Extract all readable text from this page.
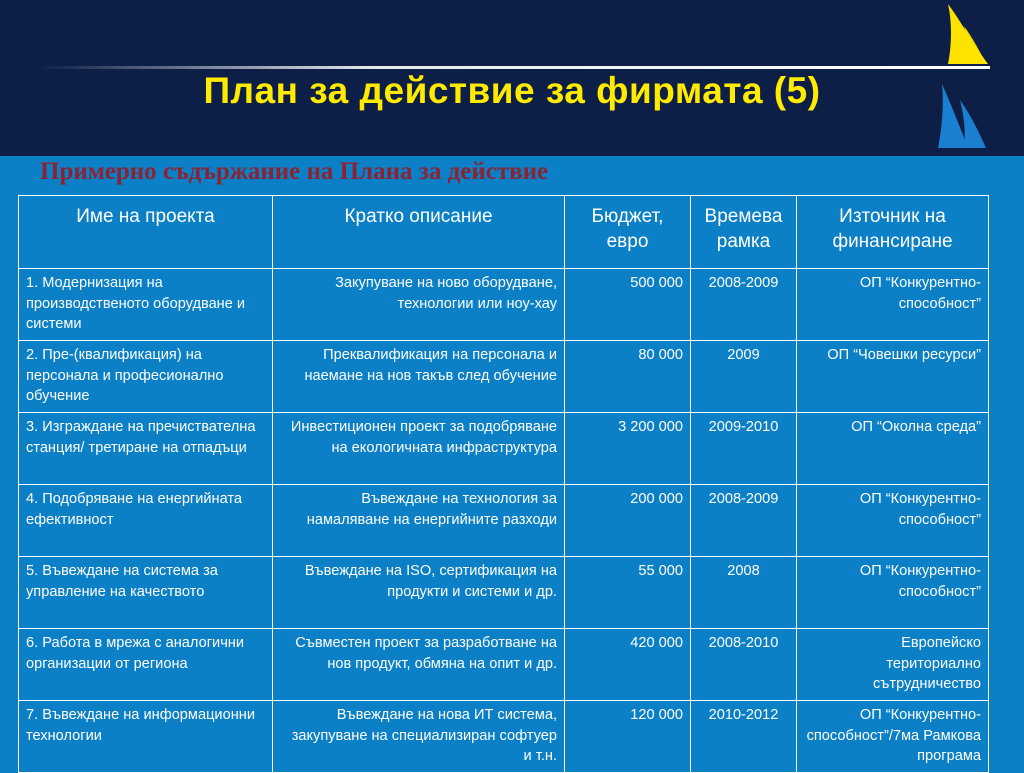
План за действие за фирмата (5)
Примерно съдържание на Плана за действие
Име на проекта	Кратко описание	Бюджет, евро	Времева рамка	Източник на финансиране
1. Модернизация на производственото оборудване и системи	Закупуване на ново оборудване, технологии или ноу-хау	500 000	2008-2009	ОП “Конкурентно-способност”
2. Пре-(квалификация) на персонала и професионално обучение	Преквалификация на персонала и наемане на нов такъв след обучение	80 000	2009	ОП “Човешки ресурси”
3. Изграждане на пречиствателна станция/ третиране на отпадъци	Инвестиционен проект за подобряване на екологичната инфраструктура	3 200 000	2009-2010	ОП “Околна среда”
4. Подобряване на енергийната ефективност	Въвеждане на технология за намаляване на енергийните разходи	200 000	2008-2009	ОП “Конкурентно-способност”
5. Въвеждане на система за управление на качеството	Въвеждане на ISO, сертификация на продукти и системи и др.	55 000	2008	ОП “Конкурентно-способност”
6. Работа в мрежа с аналогични организации от региона	Съвместен проект за разработване на нов продукт, обмяна на опит и др.	420 000	2008-2010	Европейско териториално сътрудничество
7. Въвеждане на информационни технологии	Въвеждане на нова ИТ система, закупуване на специализиран софтуер и т.н.	120 000	2010-2012	ОП “Конкурентно-способност”/7ма Рамкова програма
